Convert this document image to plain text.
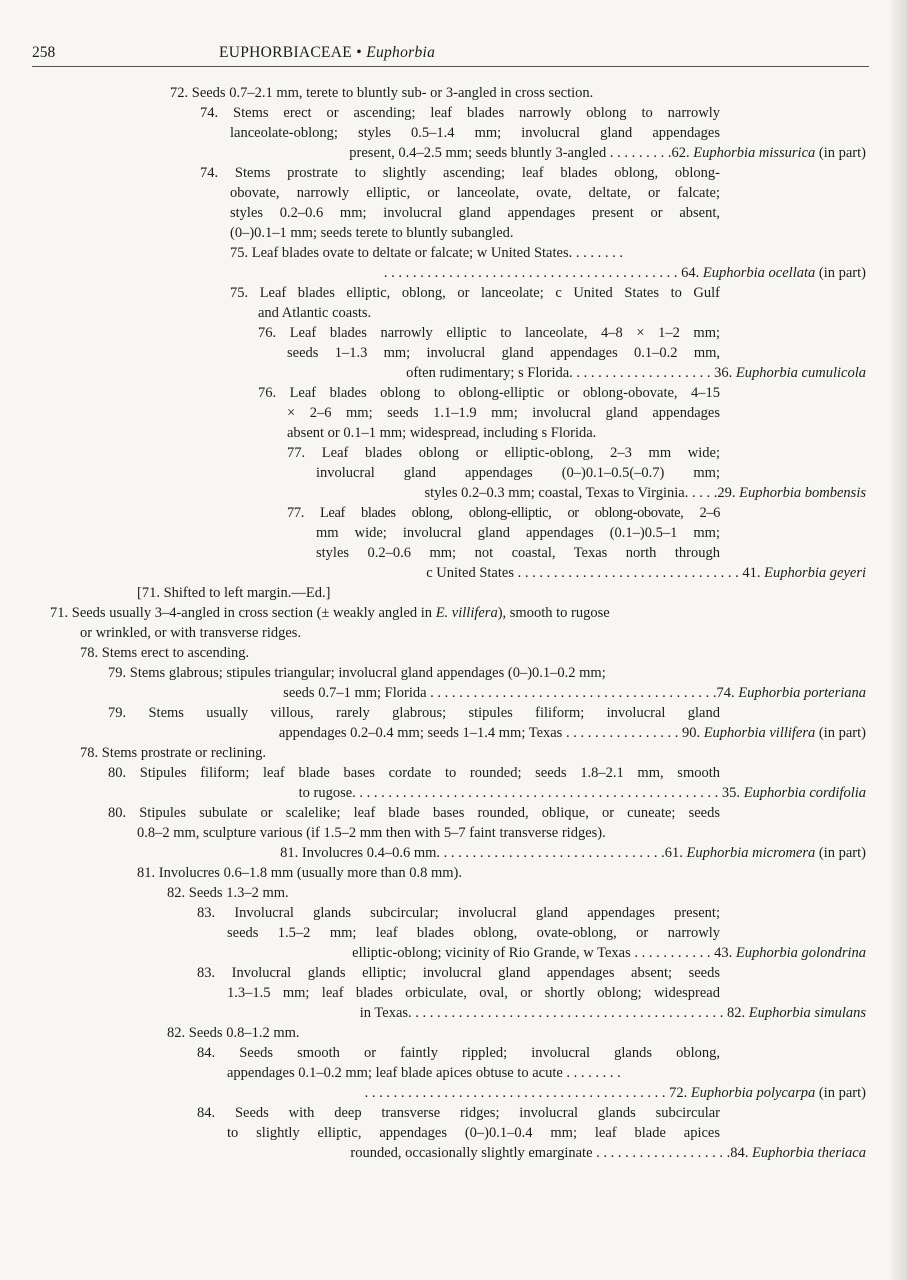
258	EUPHORBIACEAE • Euphorbia
72. Seeds 0.7–2.1 mm, terete to bluntly sub- or 3-angled in cross section.
74. Stems erect or ascending; leaf blades narrowly oblong to narrowly
lanceolate-oblong; styles 0.5–1.4 mm; involucral gland appendages
present, 0.4–2.5 mm; seeds bluntly 3-angled . . . . . . . . .62. Euphorbia missurica (in part)
74. Stems prostrate to slightly ascending; leaf blades oblong, oblong-
obovate, narrowly elliptic, or lanceolate, ovate, deltate, or falcate;
styles 0.2–0.6 mm; involucral gland appendages present or absent,
(0–)0.1–1 mm; seeds terete to bluntly subangled.
75. Leaf blades ovate to deltate or falcate; w United States. . . . . . . .
. . . . . . . . . . . . . . . . . . . . . . . . . . . . . . . . . . . . . . . . . 64. Euphorbia ocellata (in part)
75. Leaf blades elliptic, oblong, or lanceolate; c United States to Gulf
and Atlantic coasts.
76. Leaf blades narrowly elliptic to lanceolate, 4–8 × 1–2 mm;
seeds 1–1.3 mm; involucral gland appendages 0.1–0.2 mm,
often rudimentary; s Florida. . . . . . . . . . . . . . . . . . . . 36. Euphorbia cumulicola
76. Leaf blades oblong to oblong-elliptic or oblong-obovate, 4–15
× 2–6 mm; seeds 1.1–1.9 mm; involucral gland appendages
absent or 0.1–1 mm; widespread, including s Florida.
77. Leaf blades oblong or elliptic-oblong, 2–3 mm wide;
involucral gland appendages (0–)0.1–0.5(–0.7) mm;
styles 0.2–0.3 mm; coastal, Texas to Virginia. . . . .29. Euphorbia bombensis
77. Leaf blades oblong, oblong-elliptic, or oblong-obovate, 2–6
mm wide; involucral gland appendages (0.1–)0.5–1 mm;
styles 0.2–0.6 mm; not coastal, Texas north through
c United States . . . . . . . . . . . . . . . . . . . . . . . . . . . . . . . 41. Euphorbia geyeri
[71. Shifted to left margin.—Ed.]
71. Seeds usually 3–4-angled in cross section (± weakly angled in E. villifera), smooth to rugose
or wrinkled, or with transverse ridges.
78. Stems erect to ascending.
79. Stems glabrous; stipules triangular; involucral gland appendages (0–)0.1–0.2 mm;
seeds 0.7–1 mm; Florida . . . . . . . . . . . . . . . . . . . . . . . . . . . . . . . . . . . . . . . .74. Euphorbia porteriana
79. Stems usually villous, rarely glabrous; stipules filiform; involucral gland
appendages 0.2–0.4 mm; seeds 1–1.4 mm; Texas . . . . . . . . . . . . . . . . 90. Euphorbia villifera (in part)
78. Stems prostrate or reclining.
80. Stipules filiform; leaf blade bases cordate to rounded; seeds 1.8–2.1 mm, smooth
to rugose. . . . . . . . . . . . . . . . . . . . . . . . . . . . . . . . . . . . . . . . . . . . . . . . . . . 35. Euphorbia cordifolia
80. Stipules subulate or scalelike; leaf blade bases rounded, oblique, or cuneate; seeds
0.8–2 mm, sculpture various (if 1.5–2 mm then with 5–7 faint transverse ridges).
81. Involucres 0.4–0.6 mm. . . . . . . . . . . . . . . . . . . . . . . . . . . . . . . .61. Euphorbia micromera (in part)
81. Involucres 0.6–1.8 mm (usually more than 0.8 mm).
82. Seeds 1.3–2 mm.
83. Involucral glands subcircular; involucral gland appendages present;
seeds 1.5–2 mm; leaf blades oblong, ovate-oblong, or narrowly
elliptic-oblong; vicinity of Rio Grande, w Texas . . . . . . . . . . . 43. Euphorbia golondrina
83. Involucral glands elliptic; involucral gland appendages absent; seeds
1.3–1.5 mm; leaf blades orbiculate, oval, or shortly oblong; widespread
in Texas. . . . . . . . . . . . . . . . . . . . . . . . . . . . . . . . . . . . . . . . . . . . 82. Euphorbia simulans
82. Seeds 0.8–1.2 mm.
84. Seeds smooth or faintly rippled; involucral glands oblong,
appendages 0.1–0.2 mm; leaf blade apices obtuse to acute . . . . . . . .
. . . . . . . . . . . . . . . . . . . . . . . . . . . . . . . . . . . . . . . . . . 72. Euphorbia polycarpa (in part)
84. Seeds with deep transverse ridges; involucral glands subcircular
to slightly elliptic, appendages (0–)0.1–0.4 mm; leaf blade apices
rounded, occasionally slightly emarginate . . . . . . . . . . . . . . . . . . .84. Euphorbia theriaca
